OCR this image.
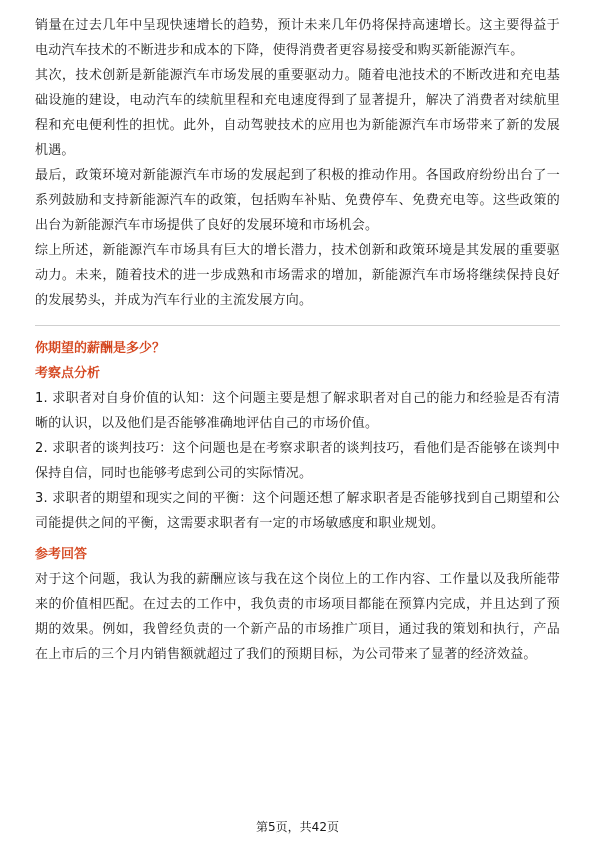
销量在过去几年中呈现快速增长的趋势，预计未来几年仍将保持高速增长。这主要得益于电动汽车技术的不断进步和成本的下降，使得消费者更容易接受和购买新能源汽车。

其次，技术创新是新能源汽车市场发展的重要驱动力。随着电池技术的不断改进和充电基础设施的建设，电动汽车的续航里程和充电速度得到了显著提升，解决了消费者对续航里程和充电便利性的担忧。此外，自动驾驶技术的应用也为新能源汽车市场带来了新的发展机遇。

最后，政策环境对新能源汽车市场的发展起到了积极的推动作用。各国政府纷纷出台了一系列鼓励和支持新能源汽车的政策，包括购车补贴、免费停车、免费充电等。这些政策的出台为新能源汽车市场提供了良好的发展环境和市场机会。

综上所述，新能源汽车市场具有巨大的增长潜力，技术创新和政策环境是其发展的重要驱动力。未来，随着技术的进一步成熟和市场需求的增加，新能源汽车市场将继续保持良好的发展势头，并成为汽车行业的主流发展方向。

你期望的薪酬是多少？

考察点分析

1. 求职者对自身价值的认知：这个问题主要是想了解求职者对自己的能力和经验是否有清晰的认识，以及他们是否能够准确地评估自己的市场价值。

2. 求职者的谈判技巧：这个问题也是在考察求职者的谈判技巧，看他们是否能够在谈判中保持自信，同时也能够考虑到公司的实际情况。

3. 求职者的期望和现实之间的平衡：这个问题还想了解求职者是否能够找到自己期望和公司能提供之间的平衡，这需要求职者有一定的市场敏感度和职业规划。

参考回答

对于这个问题，我认为我的薪酬应该与我在这个岗位上的工作内容、工作量以及我所能带来的价值相匹配。在过去的工作中，我负责的市场项目都能在预算内完成，并且达到了预期的效果。例如，我曾经负责的一个新产品的市场推广项目，通过我的策划和执行，产品在上市后的三个月内销售额就超过了我们的预期目标，为公司带来了显著的经济效益。

第5页，共42页
